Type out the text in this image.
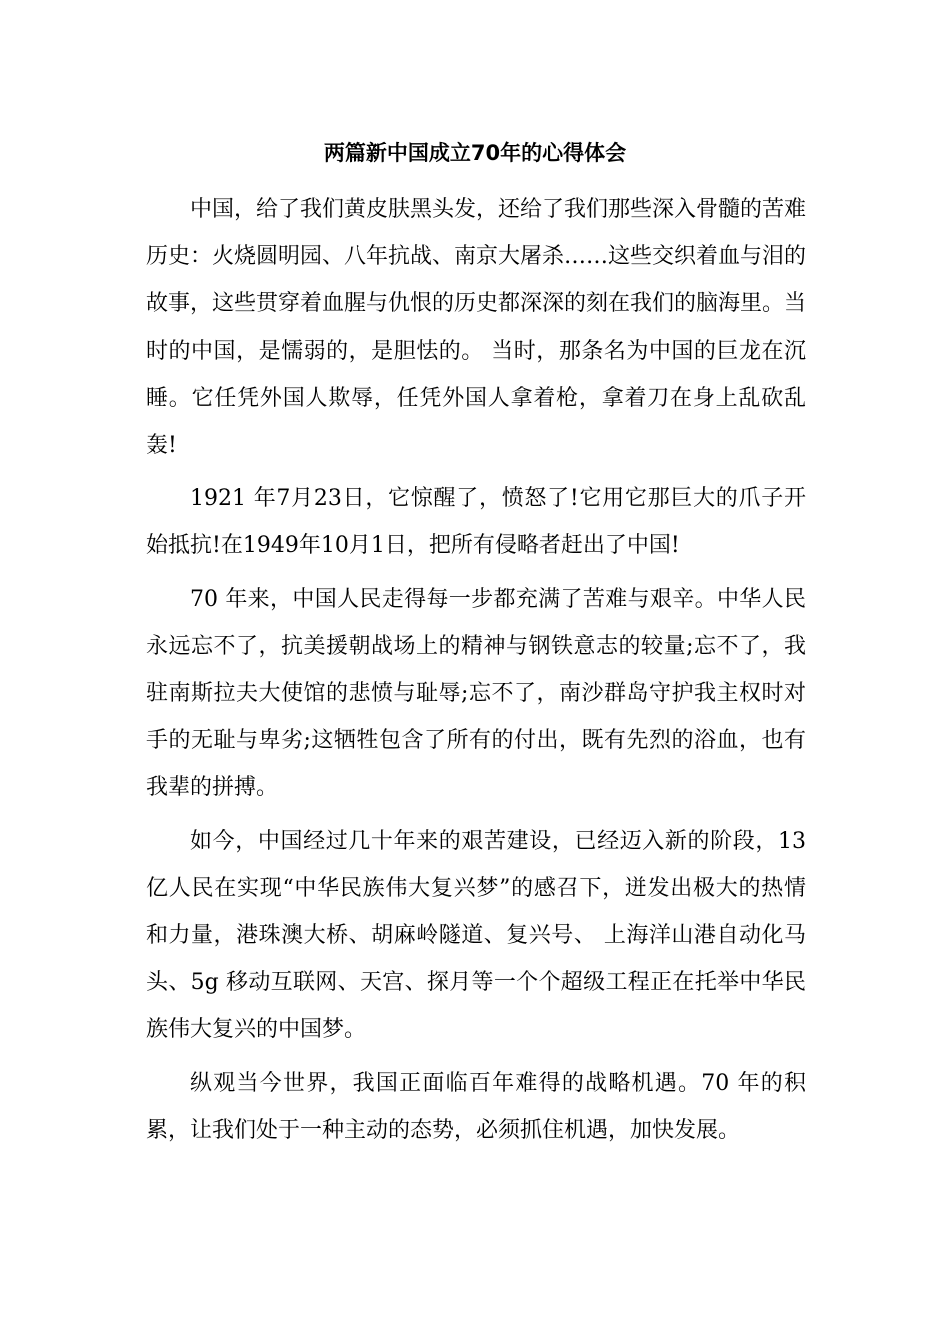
两篇新中国成立70年的心得体会

中国，给了我们黄皮肤黑头发，还给了我们那些深入骨髓的苦难历史：火烧圆明园、八年抗战、南京大屠杀……这些交织着血与泪的故事，这些贯穿着血腥与仇恨的历史都深深的刻在我们的脑海里。当时的中国，是懦弱的，是胆怯的。 当时，那条名为中国的巨龙在沉睡。它任凭外国人欺辱，任凭外国人拿着枪，拿着刀在身上乱砍乱轰!

1921 年7月23日，它惊醒了，愤怒了!它用它那巨大的爪子开始抵抗!在1949年10月1日，把所有侵略者赶出了中国!

70 年来，中国人民走得每一步都充满了苦难与艰辛。中华人民永远忘不了，抗美援朝战场上的精神与钢铁意志的较量;忘不了，我驻南斯拉夫大使馆的悲愤与耻辱;忘不了，南沙群岛守护我主权时对手的无耻与卑劣;这牺牲包含了所有的付出，既有先烈的浴血，也有我辈的拼搏。

如今，中国经过几十年来的艰苦建设，已经迈入新的阶段，13 亿人民在实现“中华民族伟大复兴梦”的感召下，迸发出极大的热情和力量，港珠澳大桥、胡麻岭隧道、复兴号、 上海洋山港自动化马头、5g 移动互联网、天宫、探月等一个个超级工程正在托举中华民族伟大复兴的中国梦。

纵观当今世界，我国正面临百年难得的战略机遇。70 年的积累，让我们处于一种主动的态势，必须抓住机遇，加快发展。
